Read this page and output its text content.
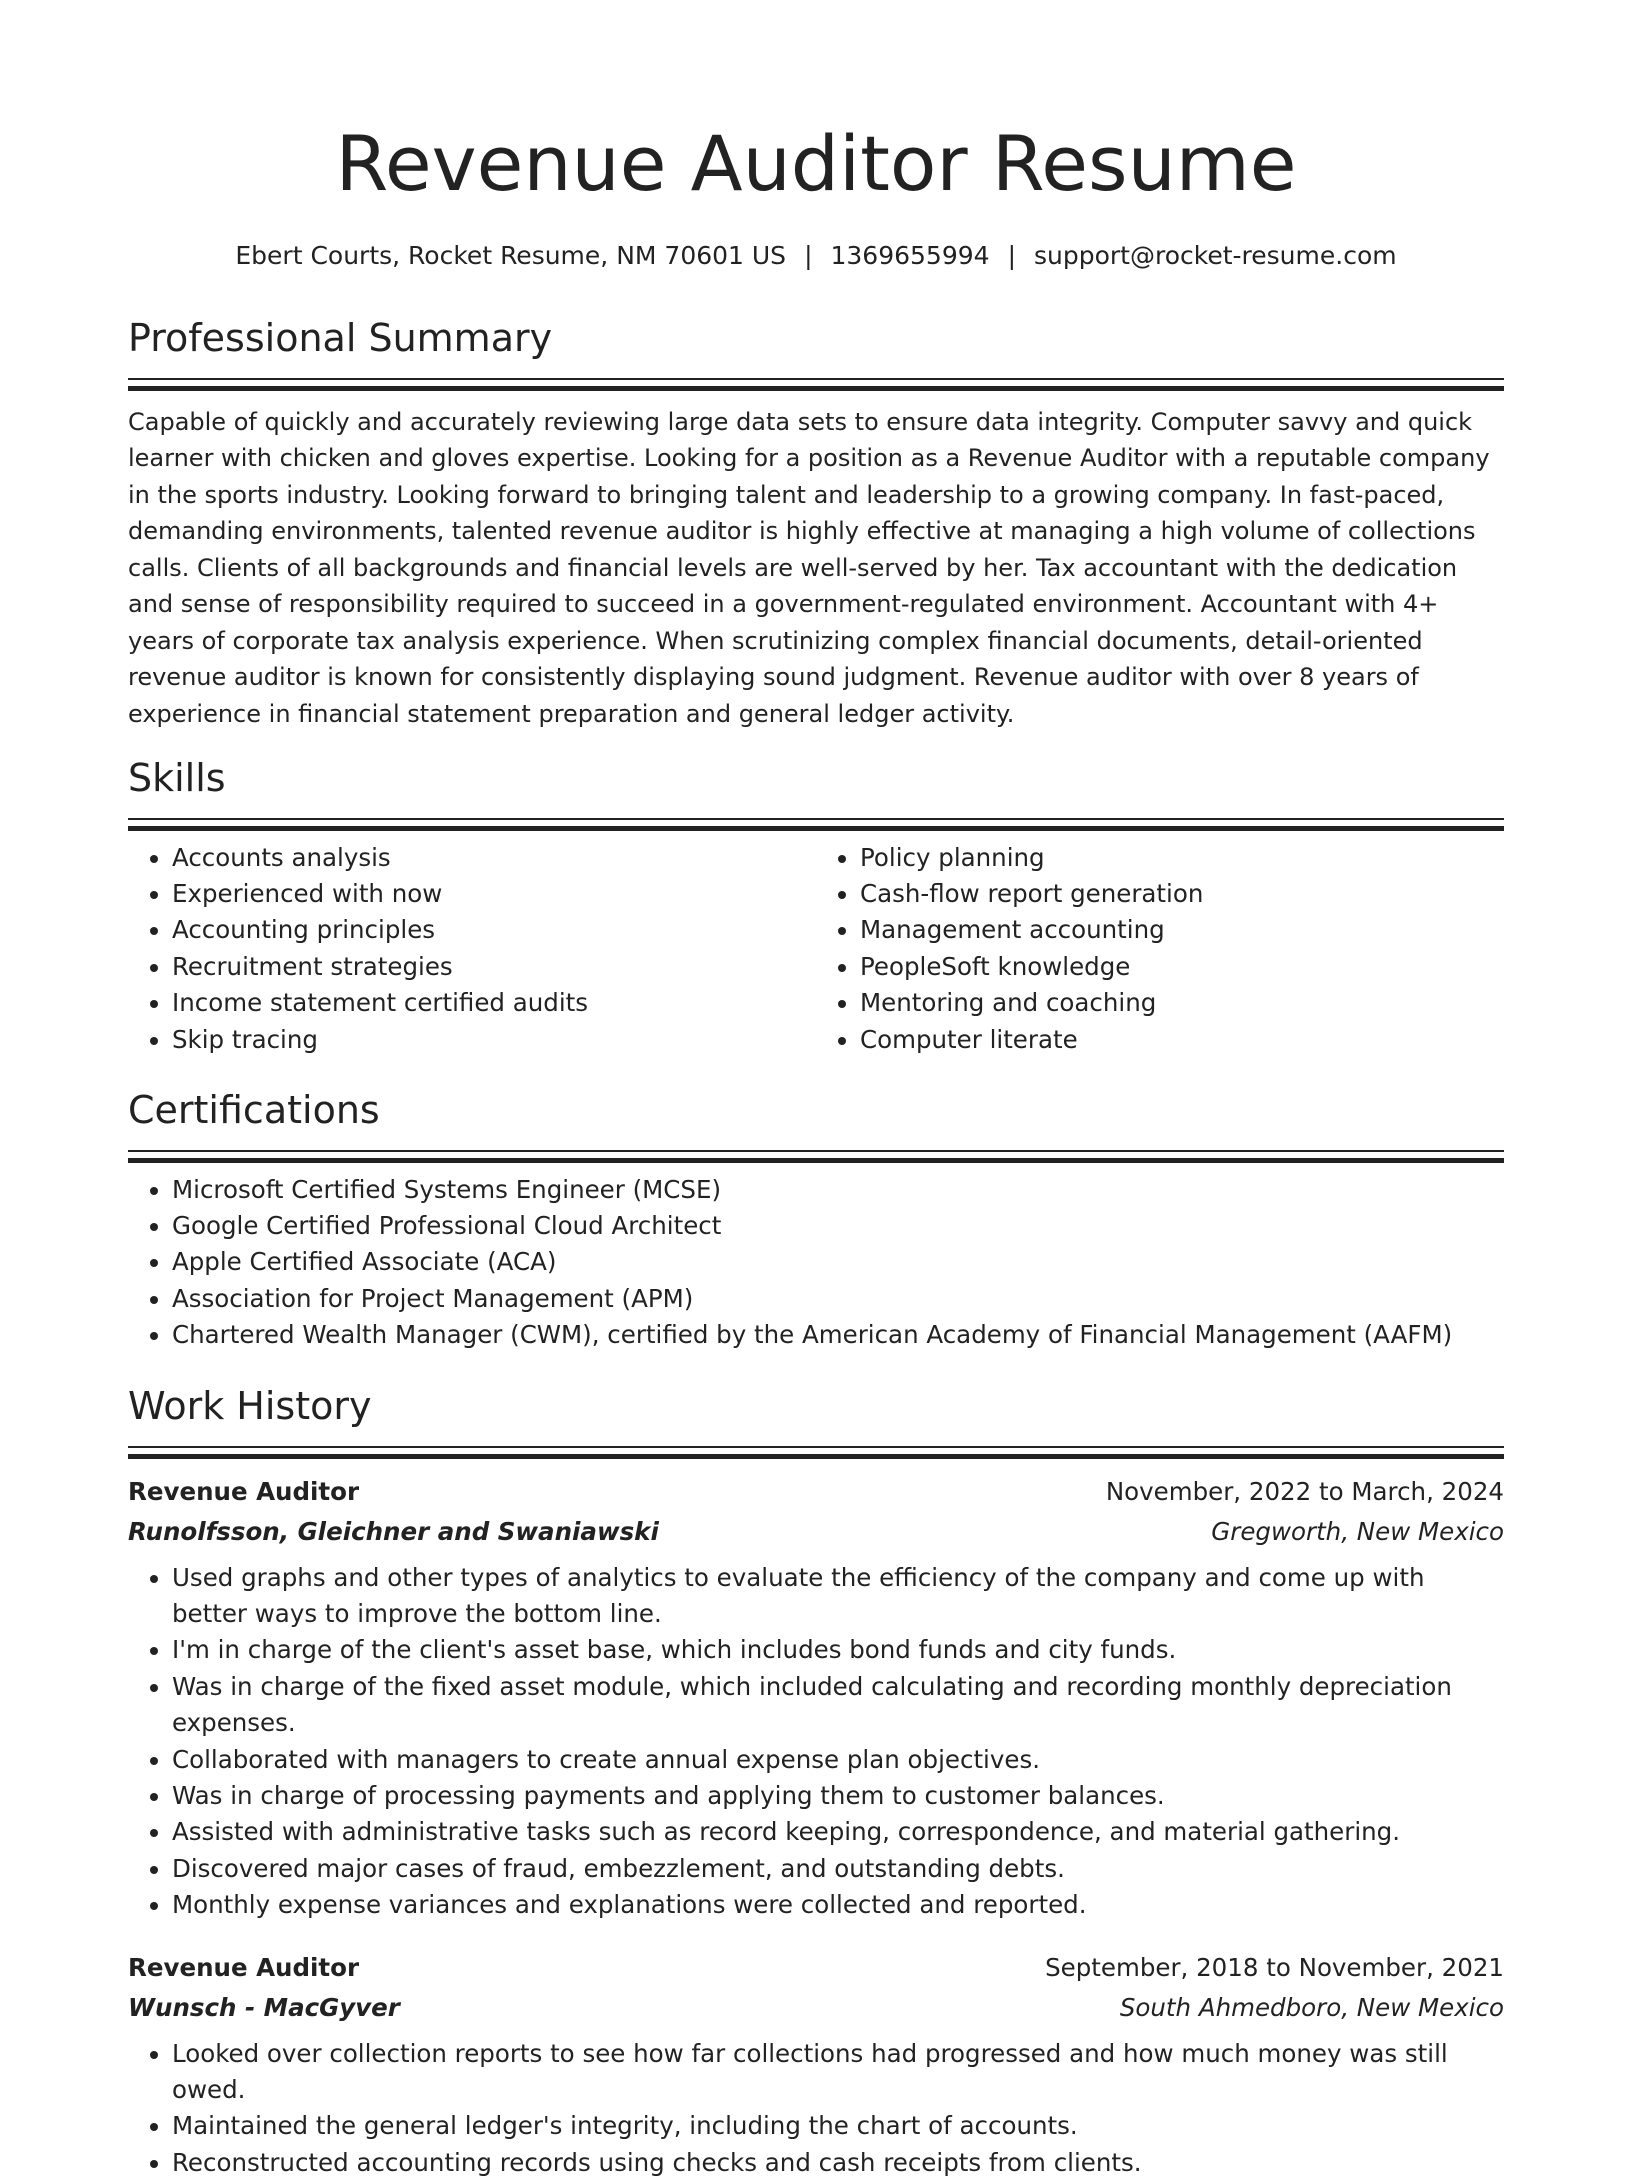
Revenue Auditor Resume
Ebert Courts, Rocket Resume, NM 70601 US | 1369655994 | support@rocket-resume.com
Professional Summary

Capable of quickly and accurately reviewing large data sets to ensure data integrity. Computer savvy and quick learner with chicken and gloves expertise. Looking for a position as a Revenue Auditor with a reputable company in the sports industry. Looking forward to bringing talent and leadership to a growing company. In fast-paced, demanding environments, talented revenue auditor is highly effective at managing a high volume of collections calls. Clients of all backgrounds and financial levels are well-served by her. Tax accountant with the dedication and sense of responsibility required to succeed in a government-regulated environment. Accountant with 4+ years of corporate tax analysis experience. When scrutinizing complex financial documents, detail-oriented revenue auditor is known for consistently displaying sound judgment. Revenue auditor with over 8 years of experience in financial statement preparation and general ledger activity.

Skills
• Accounts analysis
• Experienced with now
• Accounting principles
• Recruitment strategies
• Income statement certified audits
• Skip tracing
• Policy planning
• Cash-flow report generation
• Management accounting
• PeopleSoft knowledge
• Mentoring and coaching
• Computer literate
Certifications
• Microsoft Certified Systems Engineer (MCSE)
• Google Certified Professional Cloud Architect
• Apple Certified Associate (ACA)
• Association for Project Management (APM)
• Chartered Wealth Manager (CWM), certified by the American Academy of Financial Management (AAFM)
Work History
Revenue Auditor	November, 2022 to March, 2024
Runolfsson, Gleichner and Swaniawski	Gregworth, New Mexico
• Used graphs and other types of analytics to evaluate the efficiency of the company and come up with better ways to improve the bottom line.
• I'm in charge of the client's asset base, which includes bond funds and city funds.
• Was in charge of the fixed asset module, which included calculating and recording monthly depreciation expenses.
• Collaborated with managers to create annual expense plan objectives.
• Was in charge of processing payments and applying them to customer balances.
• Assisted with administrative tasks such as record keeping, correspondence, and material gathering.
• Discovered major cases of fraud, embezzlement, and outstanding debts.
• Monthly expense variances and explanations were collected and reported.
Revenue Auditor	September, 2018 to November, 2021
Wunsch - MacGyver	South Ahmedboro, New Mexico
• Looked over collection reports to see how far collections had progressed and how much money was still owed.
• Maintained the general ledger's integrity, including the chart of accounts.
• Reconstructed accounting records using checks and cash receipts from clients.
